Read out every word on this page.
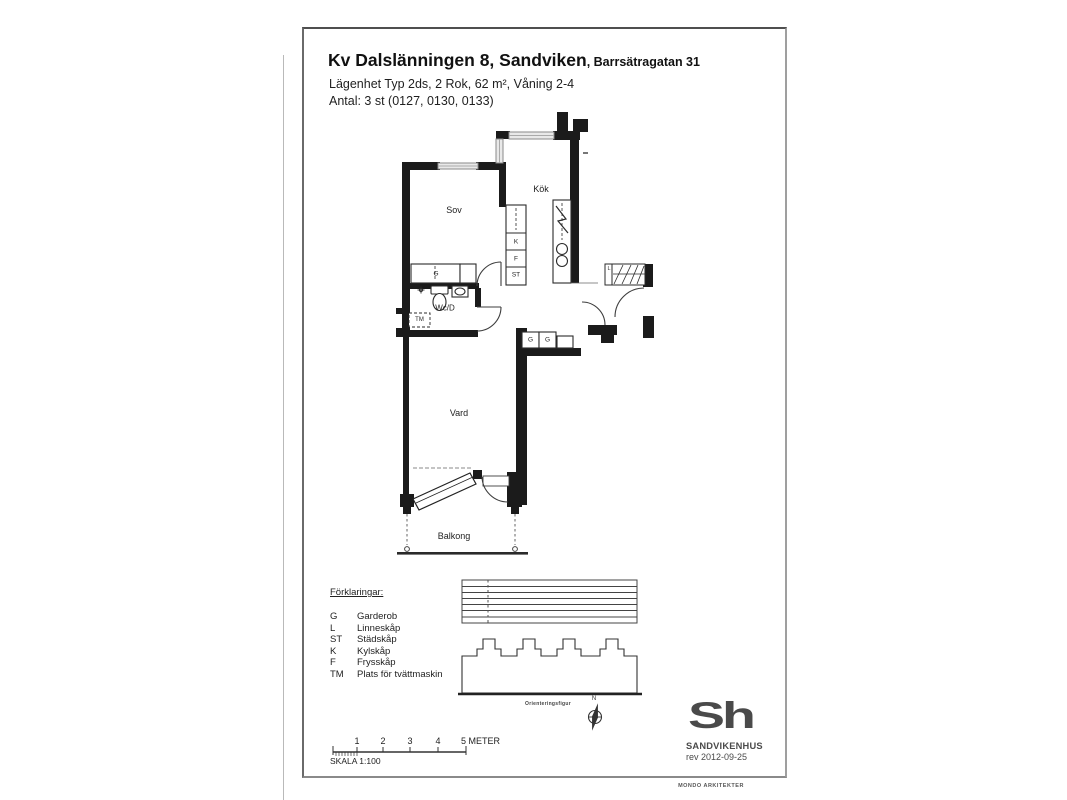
Kv Dalslänningen 8, Sandviken, Barrsätragatan 31
Lägenhet Typ 2ds, 2 Rok, 62 m², Våning 2-4
Antal: 3 st (0127, 0130, 0133)
Sov
Kök
Wc/D
Vard
Balkong
G
K
F
ST
G G
TM
L
Förklaringar:
G Garderob
L Linneskåp
ST Städskåp
K Kylskåp
F Frysskåp
TM Plats för tvättmaskin
Orienteringsfigur
N
1 2 3	4 5 METER
SKALA 1:100
Sh
SANDVIKENHUS
rev 2012-09-25
MONDO ARKITEKTER
